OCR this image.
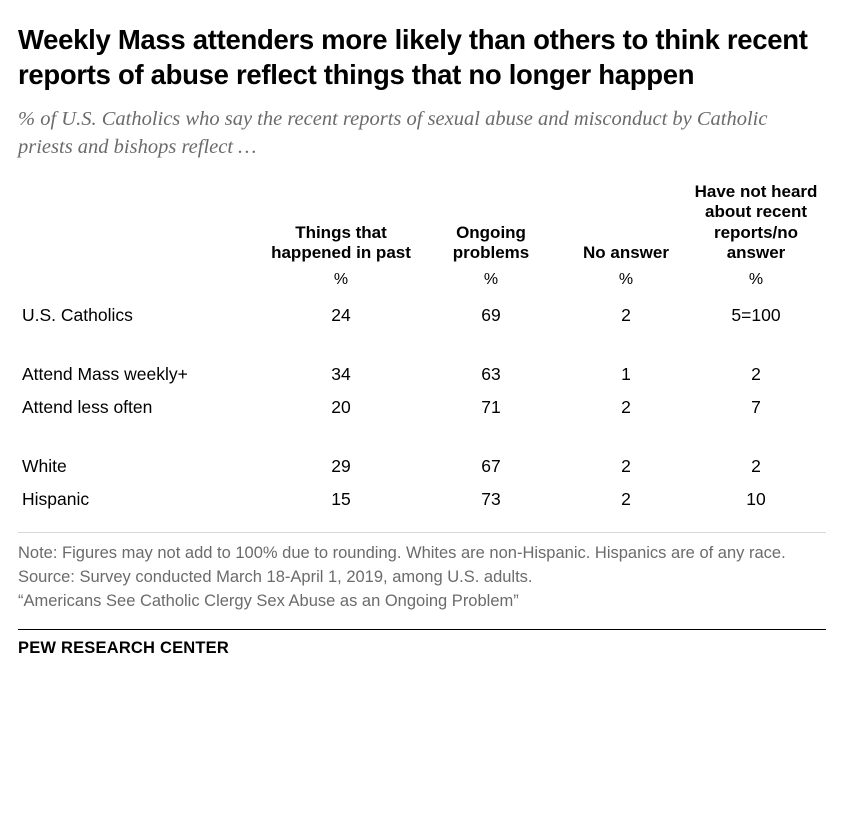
Weekly Mass attenders more likely than others to think recent reports of abuse reflect things that no longer happen
% of U.S. Catholics who say the recent reports of sexual abuse and misconduct by Catholic priests and bishops reflect …
	Things that happened in past	Ongoing problems	No answer	Have not heard about recent reports/no answer
	%	%	%	%
U.S. Catholics	24	69	2	5=100

Attend Mass weekly+	34	63	1	2
Attend less often	20	71	2	7

White	29	67	2	2
Hispanic	15	73	2	10

Note: Figures may not add to 100% due to rounding. Whites are non-Hispanic. Hispanics are of any race.

Source: Survey conducted March 18-April 1, 2019, among U.S. adults.

“Americans See Catholic Clergy Sex Abuse as an Ongoing Problem”

PEW RESEARCH CENTER
